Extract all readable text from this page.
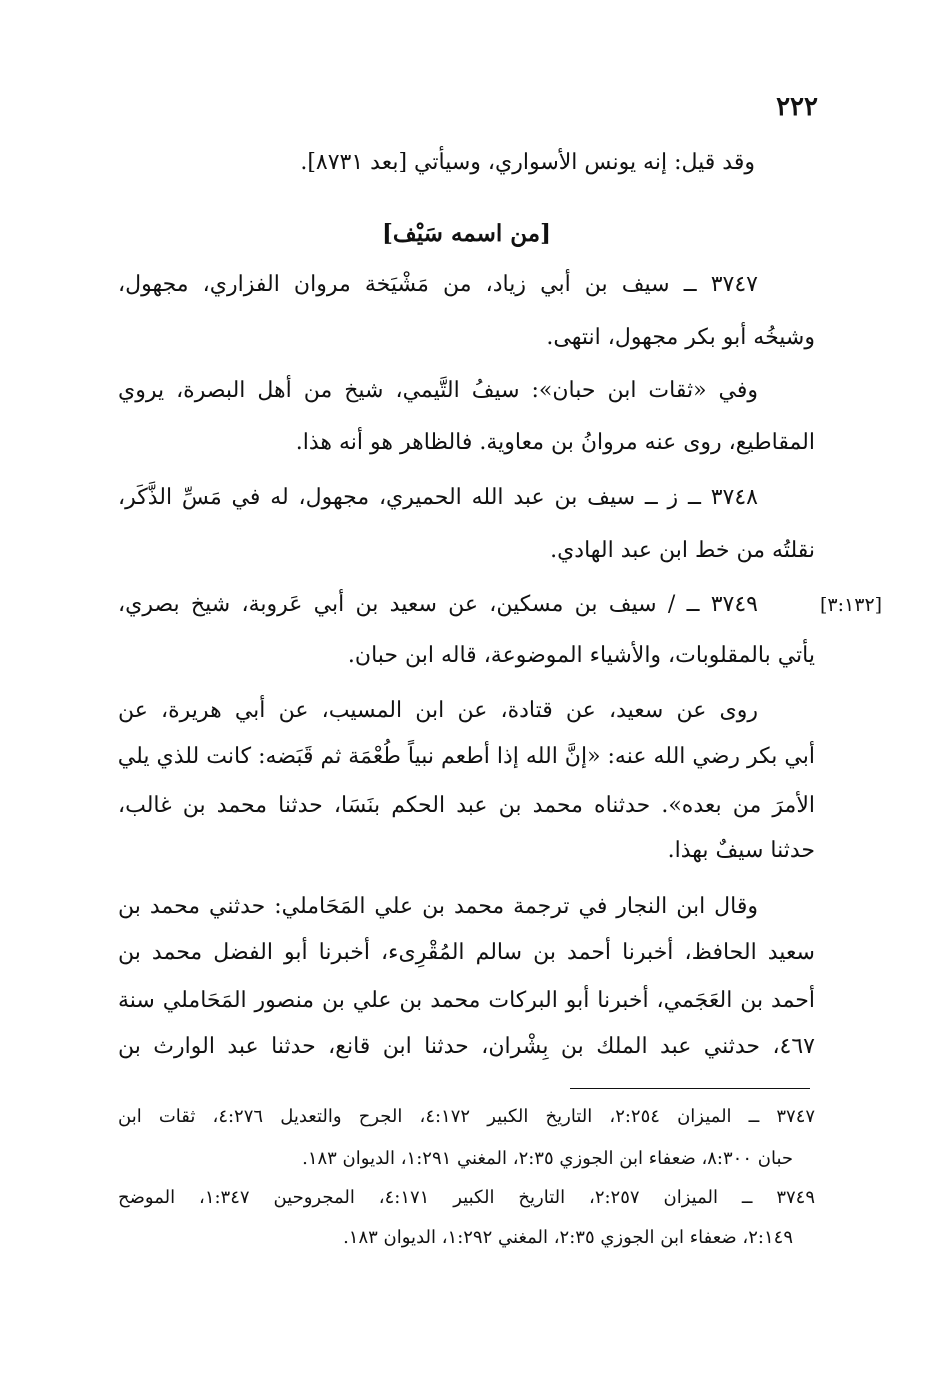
٢٢٢
وقد قيل: إنه يونس الأسواري، وسيأتي [بعد ٨٧٣١].
[من اسمه سَيْف]
٣٧٤٧ ــ سيف بن أبي زياد، من مَشْيَخة مروان الفزاري، مجهول،
وشيخُه أبو بكر مجهول، انتهى.
وفي «ثقات ابن حبان»: سيفُ التَّيمي، شيخ من أهل البصرة، يروي
المقاطيع، روى عنه مروانُ بن معاوية. فالظاهر هو أنه هذا.
٣٧٤٨ ــ ز ــ سيف بن عبد الله الحميري، مجهول، له في مَسِّ الذَّكَر،
نقلتُه من خط ابن عبد الهادي.
[٣:١٣٢]
٣٧٤٩ ــ / سيف بن مسكين، عن سعيد بن أبي عَروبة، شيخ بصري،
يأتي بالمقلوبات، والأشياء الموضوعة، قاله ابن حبان.
روى عن سعيد، عن قتادة، عن ابن المسيب، عن أبي هريرة، عن
أبي بكر رضي الله عنه: «إنَّ الله إذا أطعم نبياً طُعْمَة ثم قَبَضه: كانت للذي يلي
الأمرَ من بعده». حدثناه محمد بن عبد الحكم بنَسَا، حدثنا محمد بن غالب،
حدثنا سيفٌ بهذا.
وقال ابن النجار في ترجمة محمد بن علي المَحَاملي: حدثني محمد بن
سعيد الحافظ، أخبرنا أحمد بن سالم المُقْرِىء، أخبرنا أبو الفضل محمد بن
أحمد بن العَجَمي، أخبرنا أبو البركات محمد بن علي بن منصور المَحَاملي سنة
٤٦٧، حدثني عبد الملك بن بِشْران، حدثنا ابن قانع، حدثنا عبد الوارث بن
٣٧٤٧ ــ الميزان ٢:٢٥٤، التاريخ الكبير ٤:١٧٢، الجرح والتعديل ٤:٢٧٦، ثقات ابن
حبان ٨:٣٠٠، ضعفاء ابن الجوزي ٢:٣٥، المغني ١:٢٩١، الديوان ١٨٣.
٣٧٤٩ ــ الميزان ٢:٢٥٧، التاريخ الكبير ٤:١٧١، المجروحين ١:٣٤٧، الموضح
٢:١٤٩، ضعفاء ابن الجوزي ٢:٣٥، المغني ١:٢٩٢، الديوان ١٨٣.
